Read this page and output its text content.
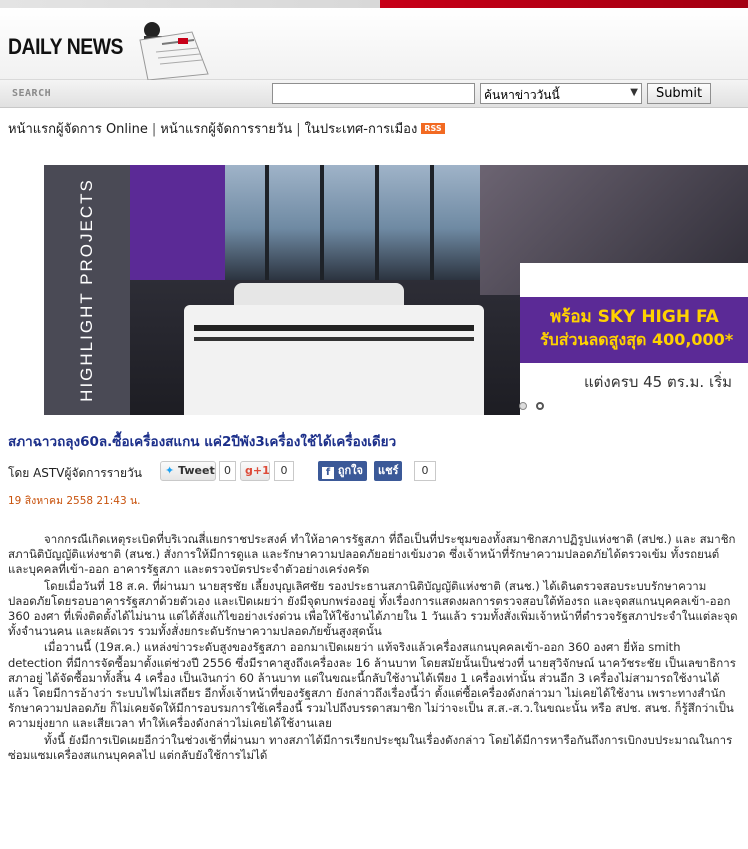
DAILY NEWS
SEARCH	ค้นหาข่าววันนี้	▼	Submit
หน้าแรกผู้จัดการ Online | หน้าแรกผู้จัดการรายวัน | ในประเทศ-การเมือง RSS
HIGHLIGHT PROJECTS	คอนเดต Gateway &
พร้อม SKY HIGH FA
รับส่วนลดสูงสุด 400,000*
แต่งครบ 45 ตร.ม. เริ่ม
สภาฉาวถลุง60ล.ซื้อเครื่องสแกน แค่2ปีพัง3เครื่องใช้ได้เครื่องเดียว
โดย ASTVผู้จัดการรายวัน	✦ Tweet 0	g+1 0	f ถูกใจ	แชร์	0
19 สิงหาคม 2558 21:43 น.

จากกรณีเกิดเหตุระเบิดที่บริเวณสี่แยกราชประสงค์ ทำให้อาคารรัฐสภา ที่ถือเป็นที่ประชุมของทั้งสมาชิกสภาปฏิรูปแห่งชาติ (สปช.) และ สมาชิกสภานิติบัญญัติแห่งชาติ (สนช.) สั่งการให้มีการดูแล และรักษาความปลอดภัยอย่างเข้มงวด ซึ่งเจ้าหน้าที่รักษาความปลอดภัยได้ตรวจเข้ม ทั้งรถยนต์ และบุคคลที่เข้า-ออก อาคารรัฐสภา และตรวจบัตรประจำตัวอย่างเคร่งครัด

โดยเมื่อวันที่ 18 ส.ค. ที่ผ่านมา นายสุรชัย เลี้ยงบุญเลิศชัย รองประธานสภานิติบัญญัติแห่งชาติ (สนช.) ได้เดินตรวจสอบระบบรักษาความปลอดภัยโดยรอบอาคารรัฐสภาด้วยตัวเอง และเปิดเผยว่า ยังมีจุดบกพร่องอยู่ ทั้งเรื่องการแสดงผลการตรวจสอบใต้ท้องรถ และจุดสแกนบุคคลเข้า-ออก 360 องศา ที่เพิ่งติดตั้งได้ไม่นาน แต่ได้สั่งแก้ไขอย่างเร่งด่วน เพื่อให้ใช้งานได้ภายใน 1 วันแล้ว รวมทั้งสั่งเพิ่มเจ้าหน้าที่ตำรวจรัฐสภาประจำในแต่ละจุด ทั้งจำนวนคน และผลัดเวร รวมทั้งสั่งยกระดับรักษาความปลอดภัยขั้นสูงสุดนั้น

เมื่อวานนี้ (19ส.ค.) แหล่งข่าวระดับสูงของรัฐสภา ออกมาเปิดเผยว่า แท้จริงแล้วเครื่องสแกนบุคคลเข้า-ออก 360 องศา ยี่ห้อ smith detection ที่มีการจัดซื้อมาตั้งแต่ช่วงปี 2556 ซึ่งมีราคาสูงถึงเครื่องละ 16 ล้านบาท โดยสมัยนั้นเป็นช่วงที่ นายสุวิจักษณ์ นาควัชระชัย เป็นเลขาธิการสภาอยู่ ได้จัดซื้อมาทั้งสิ้น 4 เครื่อง เป็นเงินกว่า 60 ล้านบาท แต่ในขณะนี้กลับใช้งานได้เพียง 1 เครื่องเท่านั้น ส่วนอีก 3 เครื่องไม่สามารถใช้งานได้แล้ว โดยมีการอ้างว่า ระบบไฟไม่เสถียร อีกทั้งเจ้าหน้าที่ของรัฐสภา ยังกล่าวถึงเรื่องนี้ว่า ตั้งแต่ซื้อเครื่องดังกล่าวมา ไม่เคยได้ใช้งาน เพราะทางสำนักรักษาความปลอดภัย ก็ไม่เคยจัดให้มีการอบรมการใช้เครื่องนี้ รวมไปถึงบรรดาสมาชิก ไม่ว่าจะเป็น ส.ส.-ส.ว.ในขณะนั้น หรือ สปช. สนช. ก็รู้สึกว่าเป็นความยุ่งยาก และเสียเวลา ทำให้เครื่องดังกล่าวไม่เคยได้ใช้งานเลย

ทั้งนี้ ยังมีการเปิดเผยอีกว่าในช่วงเช้าที่ผ่านมา ทางสภาได้มีการเรียกประชุมในเรื่องดังกล่าว โดยได้มีการหารือกันถึงการเบิกงบประมาณในการซ่อมแซมเครื่องสแกนบุคคลไป แต่กลับยังใช้การไม่ได้
